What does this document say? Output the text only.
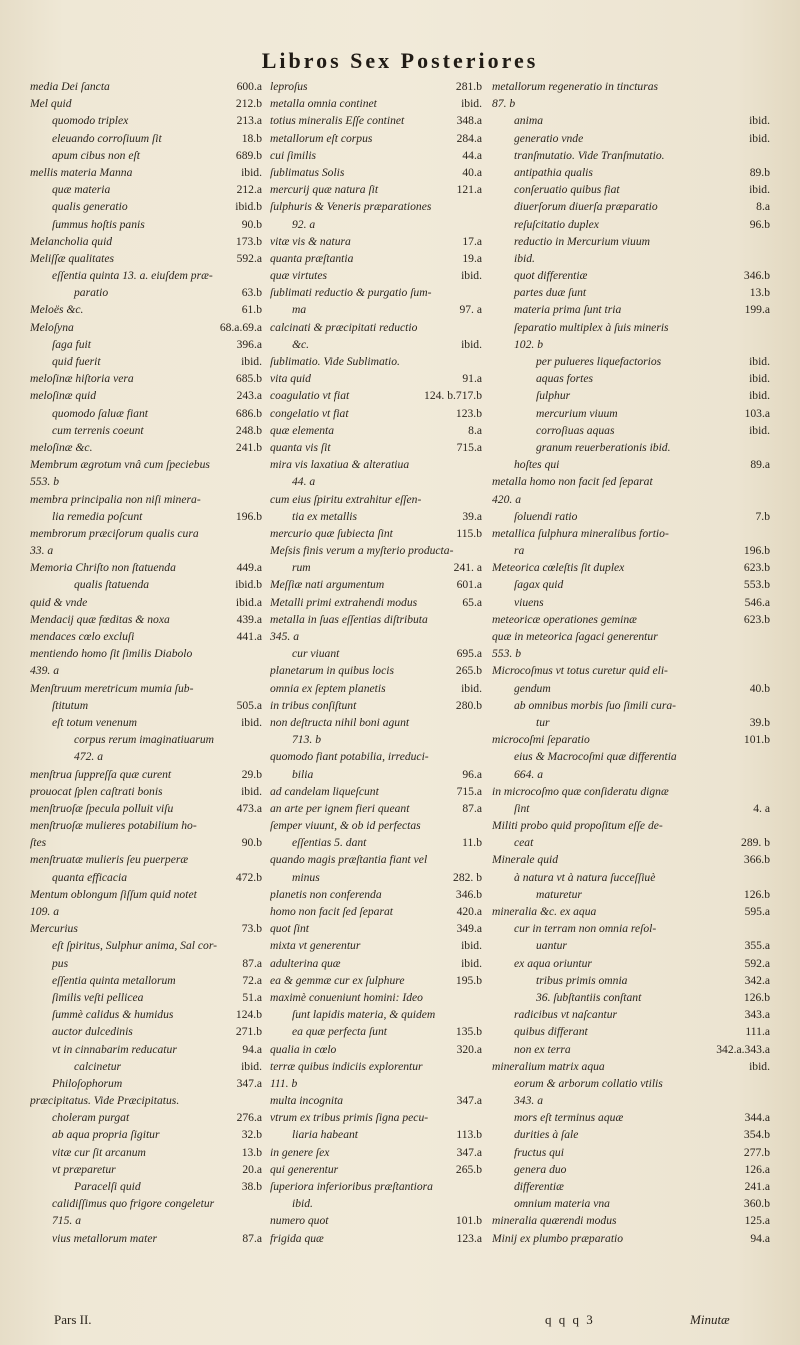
Libros Sex Posteriores
media Dei ſancta	600.a
Mel quid	212.b
quomodo triplex	213.a
eleuando corroſiuum ſit	18.b
apum cibus non eſt	689.b
mellis materia Manna	ibid.
quæ materia	212.a
qualis generatio	ibid.b
ſummus hoſtis panis	90.b
Melancholia quid	173.b
Meliſſæ qualitates	592.a
eſſentia quinta 13. a. eiuſdem præ-
paratio	63.b
Meloës &c.	61.b
Meloſyna	68.a.69.a
ſaga fuit	396.a
quid fuerit	ibid.
meloſinæ hiſtoria vera	685.b
meloſinæ quid	243.a
quomodo ſaluæ fiant	686.b
cum terrenis coeunt	248.b
meloſinæ &c.	241.b
Membrum ægrotum vnâ cum ſpeciebus
553. b
membra principalia non niſi minera-
lia remedia poſcunt	196.b
membrorum præciſorum qualis cura
33. a
Memoria Chriſto non ſtatuenda	449.a
qualis ſtatuenda	ibid.b
quid & vnde	ibid.a
Mendacij quæ fœditas & noxa	439.a
mendaces cœlo excluſi	441.a
mentiendo homo ſit ſimilis Diabolo
439. a
Menſtruum meretricum mumia ſub-
ſtitutum	505.a
eſt totum venenum	ibid.
corpus rerum imaginatiuarum
472. a
menſtrua ſuppreſſa quæ curent	29.b
prouocat ſplen caſtrati bonis	ibid.
menſtruoſæ ſpecula polluit viſu	473.a
menſtruoſæ mulieres potabilium ho-
ſtes	90.b
menſtruatæ mulieris ſeu puerperæ
quanta efficacia	472.b
Mentum oblongum ſiſſum quid notet
109. a
Mercurius	73.b
eſt ſpiritus, Sulphur anima, Sal cor-
pus	87.a
eſſentia quinta metallorum	72.a
ſimilis veſti pellicea	51.a
ſummè calidus & humidus	124.b
auctor dulcedinis	271.b
vt in cinnabarim reducatur	94.a
calcinetur	ibid.
Philoſophorum	347.a
præcipitatus. Vide Præcipitatus.
choleram purgat	276.a
ab aqua propria ſigitur	32.b
vitæ cur ſit arcanum	13.b
vt præparetur	20.a
Paracelſi quid	38.b
calidiſſimus quo frigore congeletur
715. a
vius metallorum mater	87.a
leproſus	281.b
metalla omnia continet	ibid.
totius mineralis Eſſe continet	348.a
metallorum eſt corpus	284.a
cui ſimilis	44.a
ſublimatus Solis	40.a
mercurij quæ natura ſit	121.a
ſulphuris & Veneris præparationes
92. a
vitæ vis & natura	17.a
quanta præſtantia	19.a
quæ virtutes	ibid.
ſublimati reductio & purgatio ſum-
ma	97. a
calcinati & præcipitati reductio
&c.	ibid.
ſublimatio. Vide Sublimatio.
vita quid	91.a
coagulatio vt fiat	124. b.717.b
congelatio vt fiat	123.b
quæ elementa	8.a
quanta vis ſit	715.a
mira vis laxatiua & alteratiua
44. a
cum eius ſpiritu extrahitur eſſen-
tia ex metallis	39.a
mercurio quæ ſubiecta ſint	115.b
Meſsis finis verum a myſterio producta-
rum	241. a
Meſſiæ nati argumentum	601.a
Metalli primi extrahendi modus	65.a
metalla in ſuas eſſentias diſtributa
345. a
cur viuant	695.a
planetarum in quibus locis	265.b
omnia ex ſeptem planetis	ibid.
in tribus conſiſtunt	280.b
non deſtructa nihil boni agunt
713. b
quomodo fiant potabilia, irreduci-
bilia	96.a
ad candelam liqueſcunt	715.a
an arte per ignem fieri queant	87.a
ſemper viuunt, & ob id perfectas
eſſentias 5. dant	11.b
quando magis præſtantia fiant vel
minus	282. b
planetis non conferenda	346.b
homo non facit ſed ſeparat	420.a
quot ſint	349.a
mixta vt generentur	ibid.
adulterina quæ	ibid.
ea & gemmæ cur ex ſulphure	195.b
maximè conueniunt homini: Ideo
ſunt lapidis materia, & quidem
ea quæ perfecta ſunt	135.b
qualia in cœlo	320.a
terræ quibus indiciis explorentur
111. b
multa incognita	347.a
vtrum ex tribus primis ſigna pecu-
liaria habeant	113.b
in genere ſex	347.a
qui generentur	265.b
ſuperiora inferioribus præſtantiora
ibid.
numero quot	101.b
frigida quæ	123.a
metallorum regeneratio in tincturas
87. b
anima	ibid.
generatio vnde	ibid.
tranſmutatio. Vide Tranſmutatio.
antipathia qualis	89.b
conſeruatio quibus fiat	ibid.
diuerſorum diuerſa præparatio	8.a
reſuſcitatio duplex	96.b
reductio in Mercurium viuum
ibid.
quot differentiæ	346.b
partes duæ ſunt	13.b
materia prima ſunt tria	199.a
ſeparatio multiplex à ſuis mineris
102. b
per pulueres liquefactorios	ibid.
aquas fortes	ibid.
ſulphur	ibid.
mercurium viuum	103.a
corroſiuas aquas	ibid.
granum reuerberationis ibid.
hoſtes qui	89.a
metalla homo non facit ſed ſeparat
420. a
ſoluendi ratio	7.b
metallica ſulphura mineralibus fortio-
ra	196.b
Meteorica cœleſtis ſit duplex	623.b
ſagax quid	553.b
viuens	546.a
meteoricæ operationes geminæ	623.b
quæ in meteorica ſagaci generentur
553. b
Microcoſmus vt totus curetur quid eli-
gendum	40.b
ab omnibus morbis ſuo ſimili cura-
tur	39.b
microcoſmi ſeparatio	101.b
eius & Macrocoſmi quæ differentia
664. a
in microcoſmo quæ conſideratu dignæ
ſint	4. a
Militi probo quid propoſitum eſſe de-
ceat	289. b
Minerale quid	366.b
à natura vt à natura ſucceſſiuè
maturetur	126.b
mineralia &c. ex aqua	595.a
cur in terram non omnia reſol-
uantur	355.a
ex aqua oriuntur	592.a
tribus primis omnia	342.a
36. ſubſtantiis conſtant	126.b
radicibus vt naſcantur	343.a
quibus differant	111.a
non ex terra	342.a.343.a
mineralium matrix aqua	ibid.
eorum & arborum collatio vtilis
343. a
mors eſt terminus aquæ	344.a
durities à ſale	354.b
fructus qui	277.b
genera duo	126.a
differentiæ	241.a
omnium materia vna	360.b
mineralia quærendi modus	125.a
Minij ex plumbo præparatio	94.a
Pars II.	q q q 3	Minutæ
